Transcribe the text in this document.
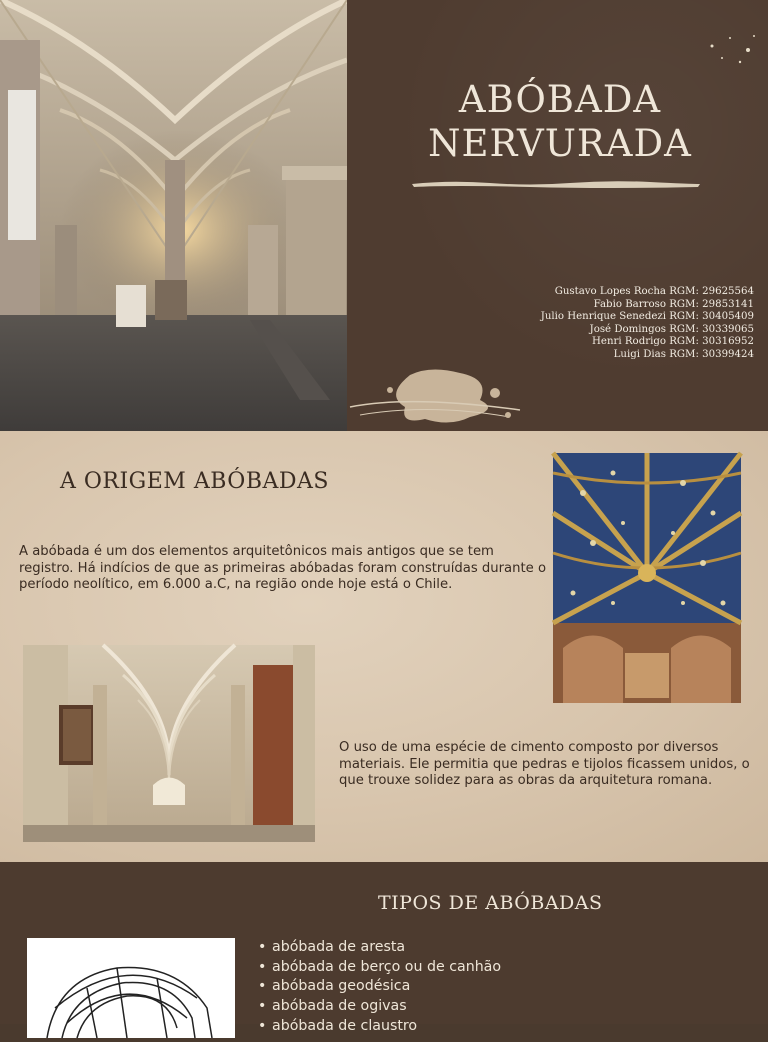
ABÓBADA
NERVURADA
Gustavo Lopes Rocha RGM: 29625564
Fabio Barroso RGM: 29853141
Julio Henrique Senedezi RGM: 30405409
José Domingos RGM: 30339065
Henri Rodrigo RGM: 30316952
Luigi Dias RGM: 30399424
A ORIGEM ABÓBADAS

A abóbada é um dos elementos arquitetônicos mais antigos que se tem registro. Há indícios de que as primeiras abóbadas foram construídas durante o período neolítico, em 6.000 a.C, na região onde hoje está o Chile.

O uso de uma espécie de cimento composto por diversos materiais. Ele permitia que pedras e tijolos ficassem unidos, o que trouxe solidez para as obras da arquitetura romana.

TIPOS DE ABÓBADAS
• abóbada de aresta
• abóbada de berço ou de canhão
• abóbada geodésica
• abóbada de ogivas
• abóbada de claustro
